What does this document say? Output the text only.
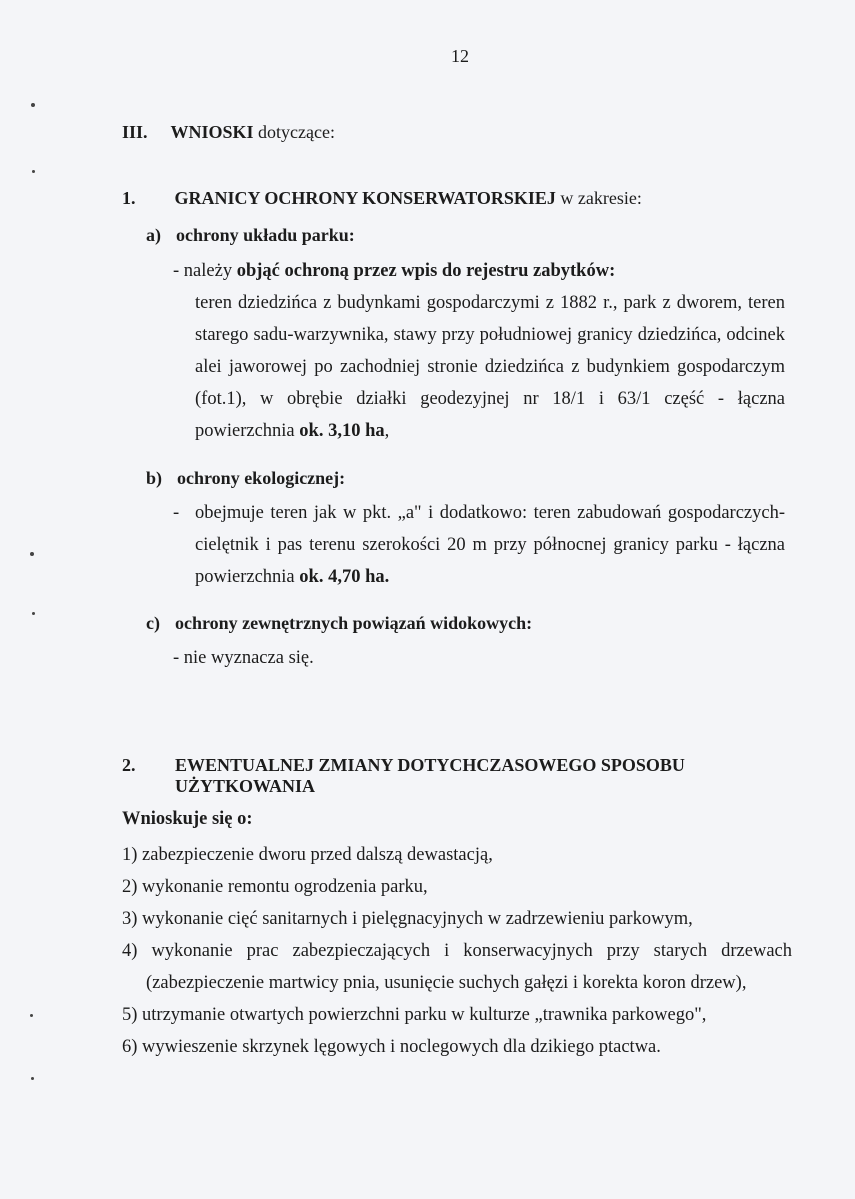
12
III. WNIOSKI dotyczące:
1. GRANICY OCHRONY KONSERWATORSKIEJ w zakresie:
a) ochrony układu parku:
- należy objąć ochroną przez wpis do rejestru zabytków:
teren dziedzińca z budynkami gospodarczymi z 1882 r., park z dworem, teren
starego sadu-warzywnika, stawy przy południowej granicy dziedzińca, odcinek
alei jaworowej po zachodniej stronie dziedzińca z budynkiem gospodarczym
(fot.1), w obrębie działki geodezyjnej nr 18/1 i 63/1 część - łączna
powierzchnia ok. 3,10 ha,
b) ochrony ekologicznej:
- obejmuje teren jak w pkt. „a" i dodatkowo: teren zabudowań gospodarczych-
cielętnik i pas terenu szerokości 20 m przy północnej granicy parku - łączna
powierzchnia ok. 4,70 ha.
c) ochrony zewnętrznych powiązań widokowych:
- nie wyznacza się.
2. EWENTUALNEJ ZMIANY DOTYCHCZASOWEGO SPOSOBU
UŻYTKOWANIA
Wnioskuje się o:
1) zabezpieczenie dworu przed dalszą dewastacją,
2) wykonanie remontu ogrodzenia parku,
3) wykonanie cięć sanitarnych i pielęgnacyjnych w zadrzewieniu parkowym,
4) wykonanie prac zabezpieczających i konserwacyjnych przy starych drzewach
(zabezpieczenie martwicy pnia, usunięcie suchych gałęzi i korekta koron drzew),
5) utrzymanie otwartych powierzchni parku w kulturze „trawnika parkowego",
6) wywieszenie skrzynek lęgowych i noclegowych dla dzikiego ptactwa.
